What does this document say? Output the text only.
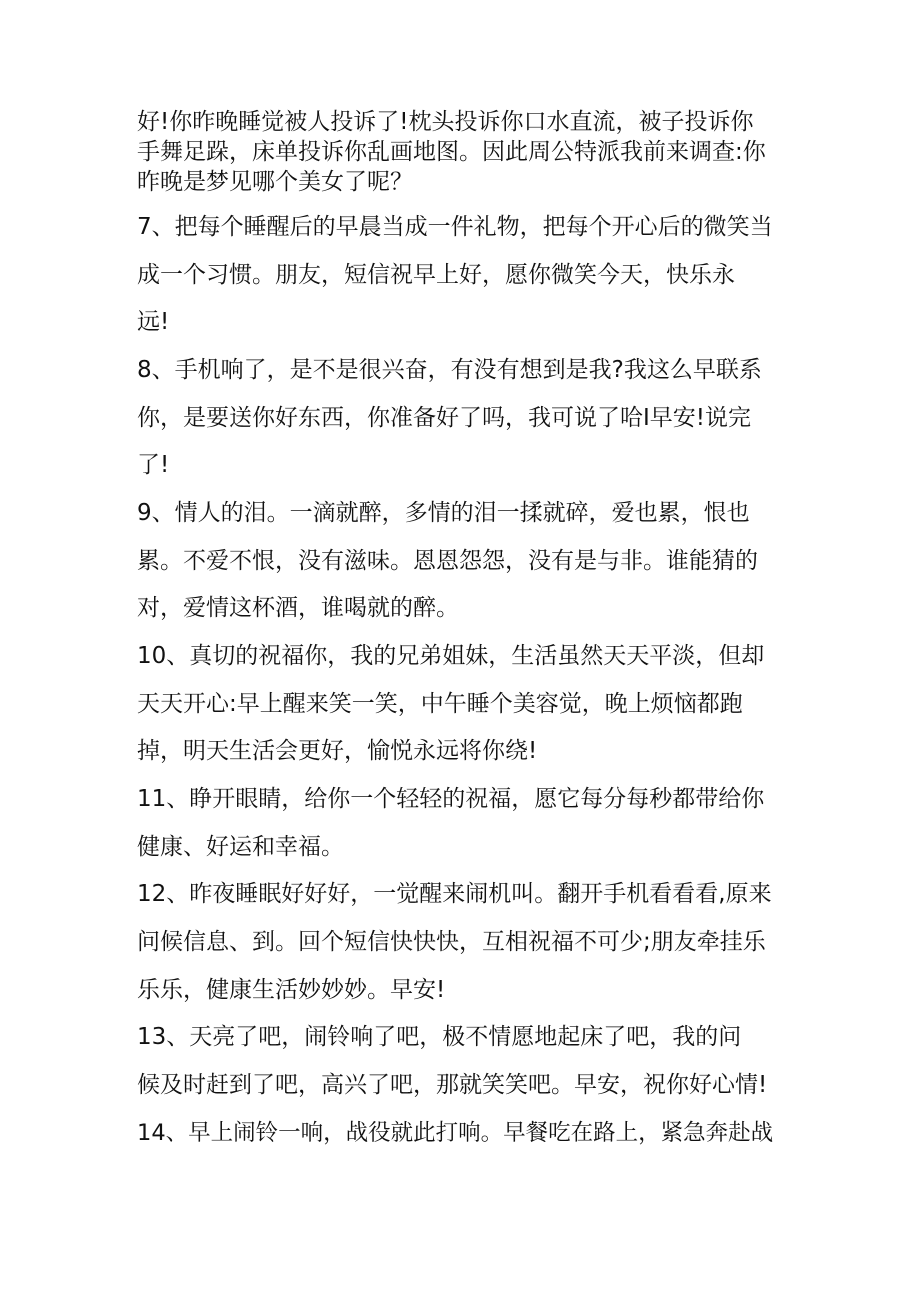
好!你昨晚睡觉被人投诉了!枕头投诉你口水直流，被子投诉你
手舞足跺，床单投诉你乱画地图。因此周公特派我前来调查:你
昨晚是梦见哪个美女了呢？
7、把每个睡醒后的早晨当成一件礼物，把每个开心后的微笑当
成一个习惯。朋友，短信祝早上好，愿你微笑今天，快乐永
远!
8、手机响了，是不是很兴奋，有没有想到是我?我这么早联系
你，是要送你好东西，你准备好了吗，我可说了哈I早安!说完
了!
9、情人的泪。一滴就醉，多情的泪一揉就碎，爱也累，恨也
累。不爱不恨，没有滋味。恩恩怨怨，没有是与非。谁能猜的
对，爱情这杯酒，谁喝就的醉。
10、真切的祝福你，我的兄弟姐妹，生活虽然天天平淡，但却
天天开心:早上醒来笑一笑，中午睡个美容觉，晚上烦恼都跑
掉，明天生活会更好，愉悦永远将你绕!
11、睁开眼睛，给你一个轻轻的祝福，愿它每分每秒都带给你
健康、好运和幸福。
12、昨夜睡眠好好好，一觉醒来闹机叫。翻开手机看看看,原来
问候信息、到。回个短信快快快，互相祝福不可少;朋友牵挂乐
乐乐，健康生活妙妙妙。早安!
13、天亮了吧，闹铃响了吧，极不情愿地起床了吧，我的问
候及时赶到了吧，高兴了吧，那就笑笑吧。早安，祝你好心情!
14、早上闹铃一响，战役就此打响。早餐吃在路上，紧急奔赴战
